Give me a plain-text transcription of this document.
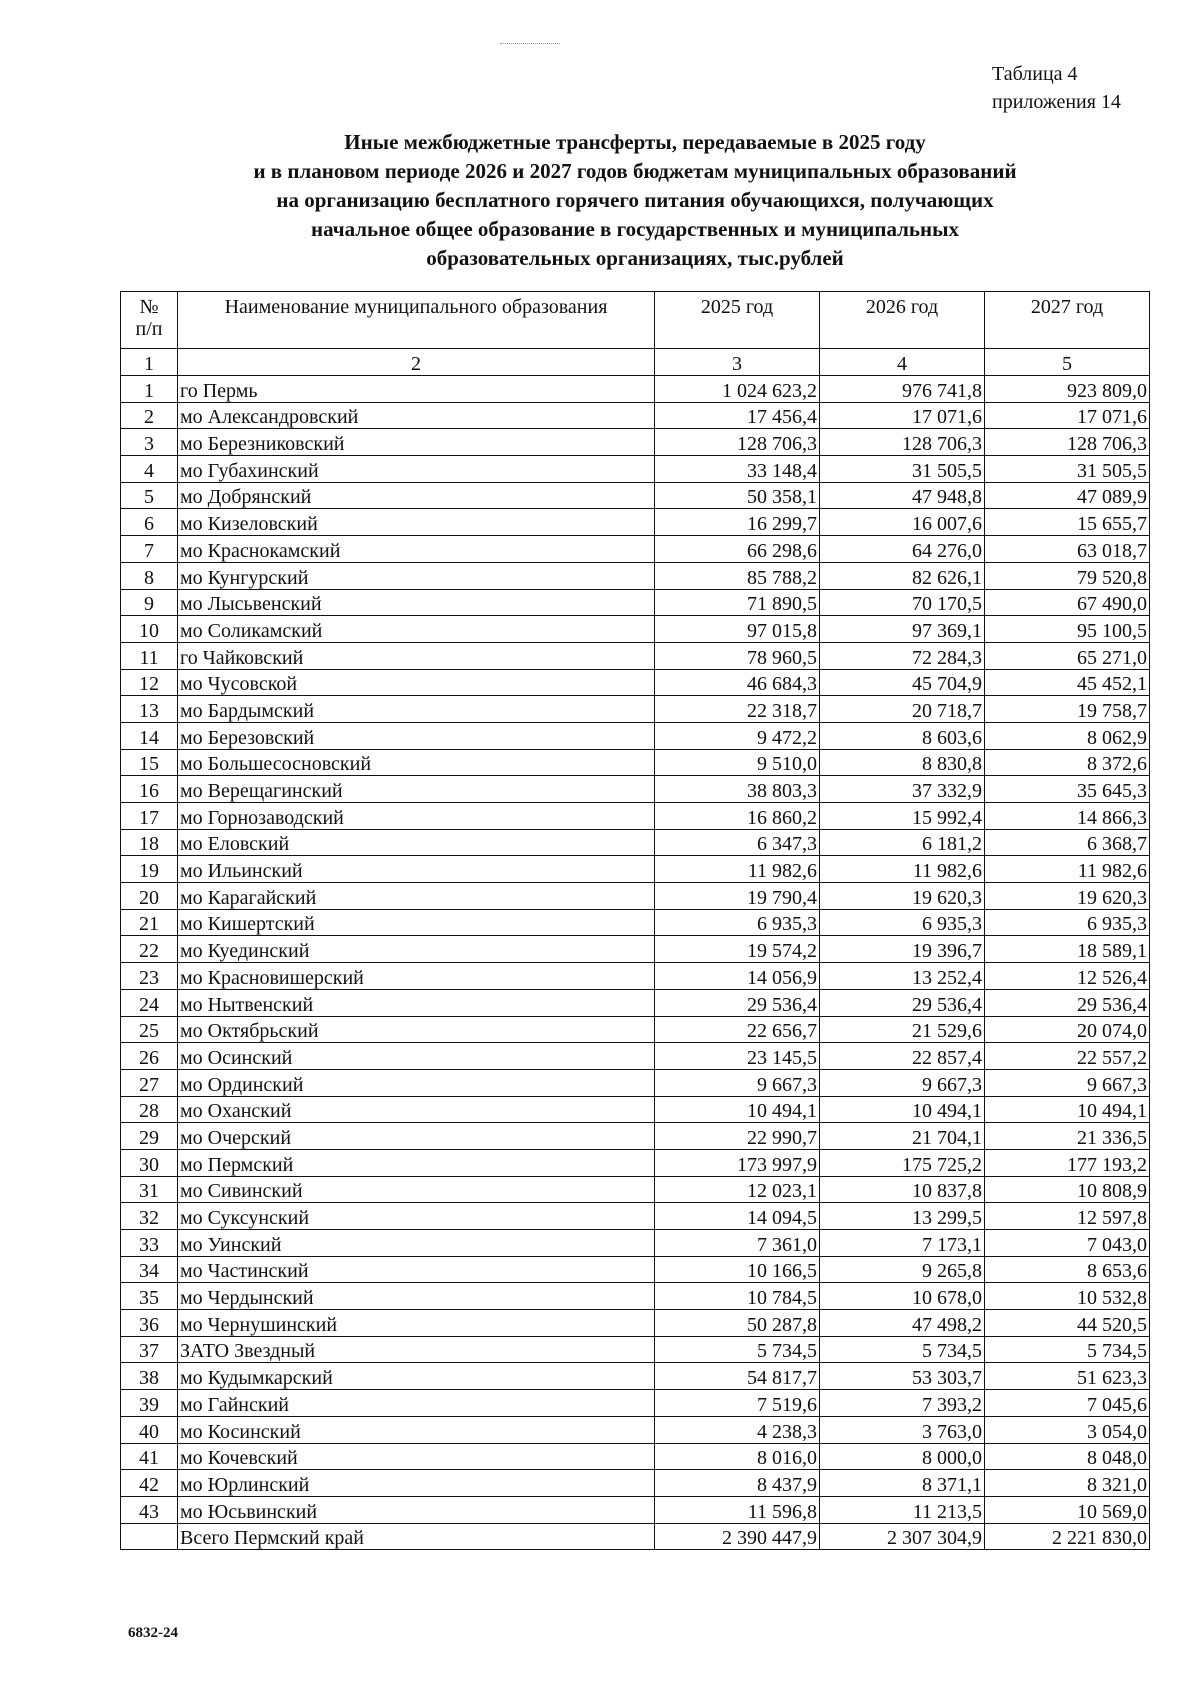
Таблица 4
приложения 14
Иные межбюджетные трансферты, передаваемые в 2025 году
и в плановом периоде 2026 и 2027 годов бюджетам муниципальных образований
на организацию бесплатного горячего питания обучающихся, получающих
начальное общее образование в государственных и муниципальных
образовательных организациях, тыс.рублей
№
п/п	Наименование муниципального образования	2025 год	2026 год	2027 год
1	2	3	4	5
1	го Пермь	1 024 623,2	976 741,8	923 809,0
2	мо Александровский	17 456,4	17 071,6	17 071,6
3	мо Березниковский	128 706,3	128 706,3	128 706,3
4	мо Губахинский	33 148,4	31 505,5	31 505,5
5	мо Добрянский	50 358,1	47 948,8	47 089,9
6	мо Кизеловский	16 299,7	16 007,6	15 655,7
7	мо Краснокамский	66 298,6	64 276,0	63 018,7
8	мо Кунгурский	85 788,2	82 626,1	79 520,8
9	мо Лысьвенский	71 890,5	70 170,5	67 490,0
10	мо Соликамский	97 015,8	97 369,1	95 100,5
11	го Чайковский	78 960,5	72 284,3	65 271,0
12	мо Чусовской	46 684,3	45 704,9	45 452,1
13	мо Бардымский	22 318,7	20 718,7	19 758,7
14	мо Березовский	9 472,2	8 603,6	8 062,9
15	мо Большесосновский	9 510,0	8 830,8	8 372,6
16	мо Верещагинский	38 803,3	37 332,9	35 645,3
17	мо Горнозаводский	16 860,2	15 992,4	14 866,3
18	мо Еловский	6 347,3	6 181,2	6 368,7
19	мо Ильинский	11 982,6	11 982,6	11 982,6
20	мо Карагайский	19 790,4	19 620,3	19 620,3
21	мо Кишертский	6 935,3	6 935,3	6 935,3
22	мо Куединский	19 574,2	19 396,7	18 589,1
23	мо Красновишерский	14 056,9	13 252,4	12 526,4
24	мо Нытвенский	29 536,4	29 536,4	29 536,4
25	мо Октябрьский	22 656,7	21 529,6	20 074,0
26	мо Осинский	23 145,5	22 857,4	22 557,2
27	мо Ординский	9 667,3	9 667,3	9 667,3
28	мо Оханский	10 494,1	10 494,1	10 494,1
29	мо Очерский	22 990,7	21 704,1	21 336,5
30	мо Пермский	173 997,9	175 725,2	177 193,2
31	мо Сивинский	12 023,1	10 837,8	10 808,9
32	мо Суксунский	14 094,5	13 299,5	12 597,8
33	мо Уинский	7 361,0	7 173,1	7 043,0
34	мо Частинский	10 166,5	9 265,8	8 653,6
35	мо Чердынский	10 784,5	10 678,0	10 532,8
36	мо Чернушинский	50 287,8	47 498,2	44 520,5
37	ЗАТО Звездный	5 734,5	5 734,5	5 734,5
38	мо Кудымкарский	54 817,7	53 303,7	51 623,3
39	мо Гайнский	7 519,6	7 393,2	7 045,6
40	мо Косинский	4 238,3	3 763,0	3 054,0
41	мо Кочевский	8 016,0	8 000,0	8 048,0
42	мо Юрлинский	8 437,9	8 371,1	8 321,0
43	мо Юсьвинский	11 596,8	11 213,5	10 569,0
	Всего Пермский край	2 390 447,9	2 307 304,9	2 221 830,0
6832-24
